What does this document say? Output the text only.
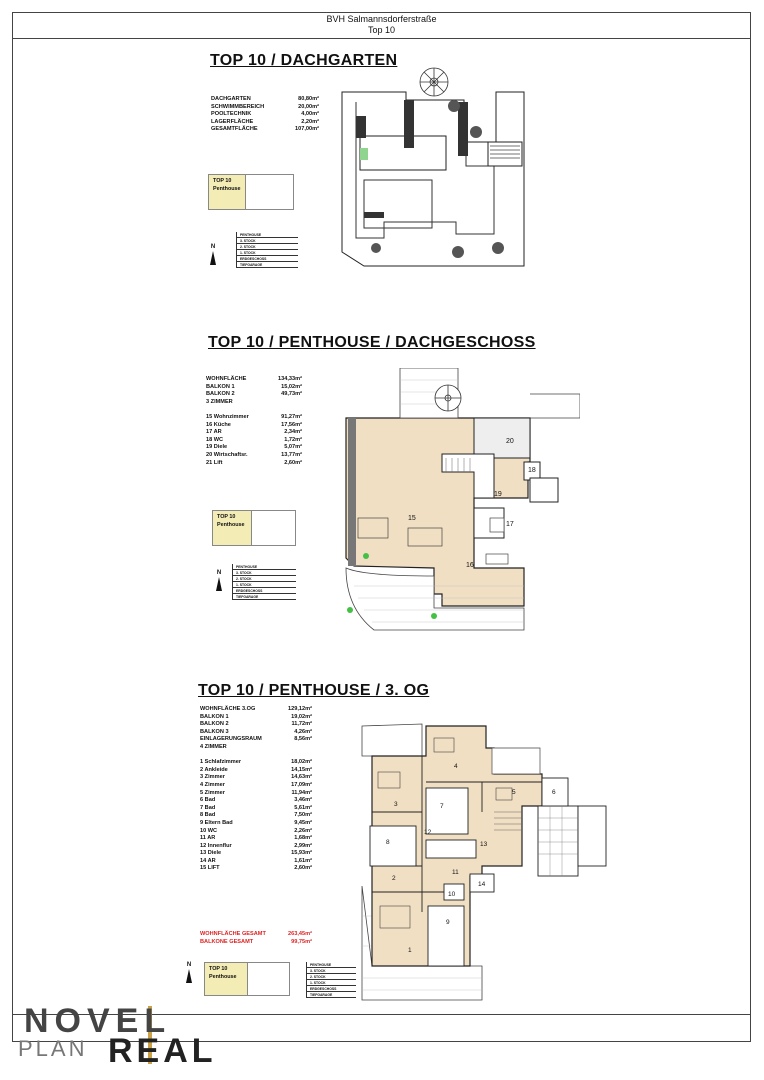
BVH Salmannsdorferstraße
Top 10
TOP 10 / DACHGARTEN
DACHGARTEN	80,80m²
SCHWIMMBEREICH	20,00m²
POOLTECHNIK	4,00m²
LAGERFLÄCHE	2,20m²
GESAMTFLÄCHE	107,00m²
TOP 10
Penthouse
PENTHOUSE
3. STOCK
2. STOCK
1. STOCK
ERDGESCHOSS
TIEFGARAGE
N
TOP 10 / PENTHOUSE / DACHGESCHOSS
WOHNFLÄCHE	134,33m²
BALKON 1	15,02m²
BALKON 2	49,73m²
3 ZIMMER

15 Wohnzimmer	91,27m²
16 Küche	17,56m²
17 AR	2,34m²
18 WC	1,72m²
19 Diele	5,07m²
20 Wirtschaftsr.	13,77m²
21 Lift	2,60m²
TOP 10
Penthouse
PENTHOUSE
3. STOCK
2. STOCK
1. STOCK
ERDGESCHOSS
TIEFGARAGE
N
15
16
17
18
19
20
TOP 10 / PENTHOUSE / 3. OG
WOHNFLÄCHE 3.OG	129,12m²
BALKON 1	19,02m²
BALKON 2	11,72m²
BALKON 3	4,26m²
EINLAGERUNGSRAUM	8,56m²
4 ZIMMER

1 Schlafzimmer	18,02m²
2 Ankleide	14,15m²
3 Zimmer	14,63m²
4 Zimmer	17,09m²
5 Zimmer	11,94m²
6 Bad	3,46m²
7 Bad	5,61m²
8 Bad	7,50m²
9 Eltern Bad	9,45m²
10 WC	2,26m²
11 AR	1,68m²
12 Innenflur	2,99m²
13 Diele	15,93m²
14 AR	1,61m²
15 LIFT	2,60m²
WOHNFLÄCHE GESAMT	263,45m²
BALKONE GESAMT	99,75m²
TOP 10
Penthouse
PENTHOUSE
3. STOCK
2. STOCK
1. STOCK
ERDGESCHOSS
TIEFGARAGE
N
1
2
3
4
5	6
7
8
9
10
11
12
13
14
NOVEL
PLAN REAL
